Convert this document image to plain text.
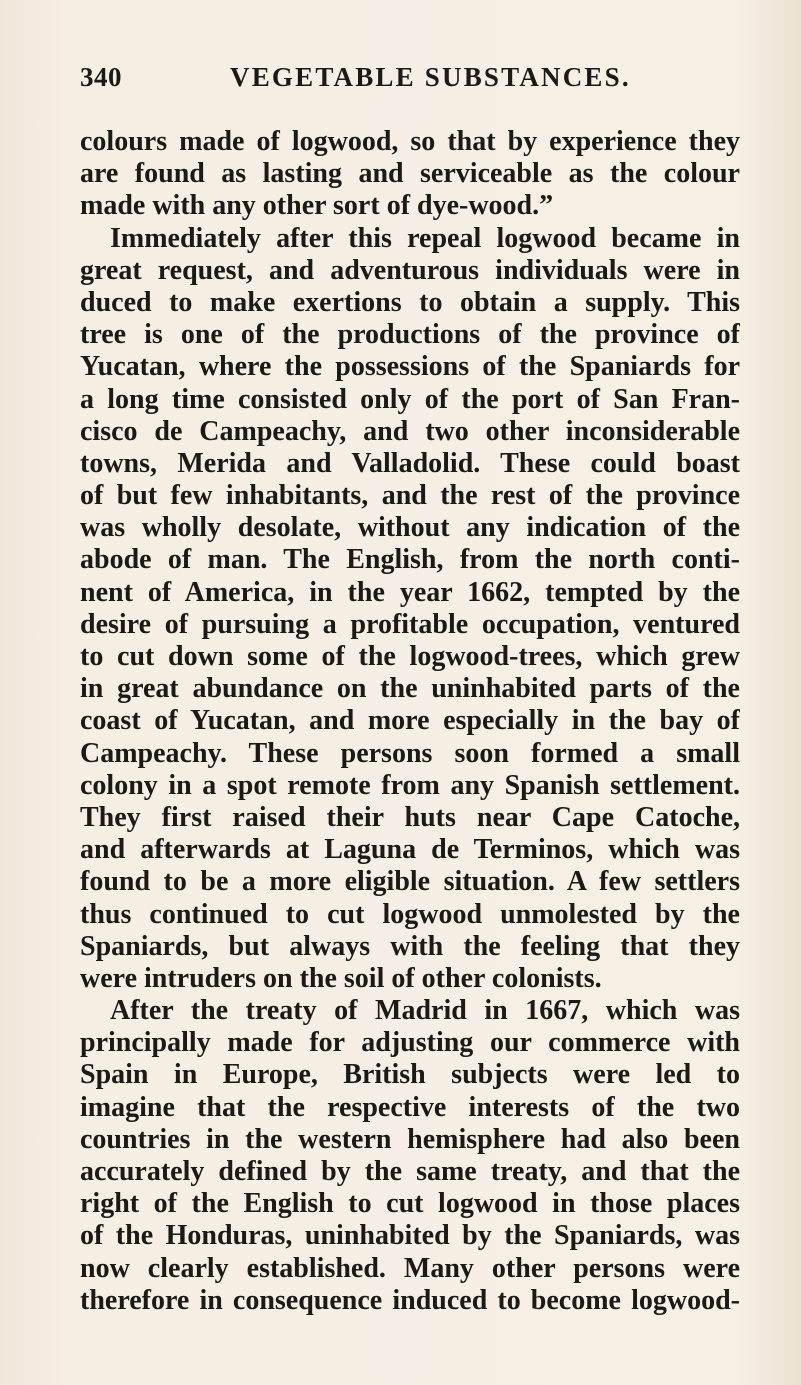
340	VEGETABLE SUBSTANCES.
colours made of logwood, so that by experience they
are found as lasting and serviceable as the colour
made with any other sort of dye-wood.”
Immediately after this repeal logwood became in
great request, and adventurous individuals were in
duced to make exertions to obtain a supply. This
tree is one of the productions of the province of
Yucatan, where the possessions of the Spaniards for
a long time consisted only of the port of San Fran-
cisco de Campeachy, and two other inconsiderable
towns, Merida and Valladolid. These could boast
of but few inhabitants, and the rest of the province
was wholly desolate, without any indication of the
abode of man. The English, from the north conti-
nent of America, in the year 1662, tempted by the
desire of pursuing a profitable occupation, ventured
to cut down some of the logwood-trees, which grew
in great abundance on the uninhabited parts of the
coast of Yucatan, and more especially in the bay of
Campeachy. These persons soon formed a small
colony in a spot remote from any Spanish settlement.
They first raised their huts near Cape Catoche,
and afterwards at Laguna de Terminos, which was
found to be a more eligible situation. A few settlers
thus continued to cut logwood unmolested by the
Spaniards, but always with the feeling that they
were intruders on the soil of other colonists.
After the treaty of Madrid in 1667, which was
principally made for adjusting our commerce with
Spain in Europe, British subjects were led to
imagine that the respective interests of the two
countries in the western hemisphere had also been
accurately defined by the same treaty, and that the
right of the English to cut logwood in those places
of the Honduras, uninhabited by the Spaniards, was
now clearly established. Many other persons were
therefore in consequence induced to become logwood-
